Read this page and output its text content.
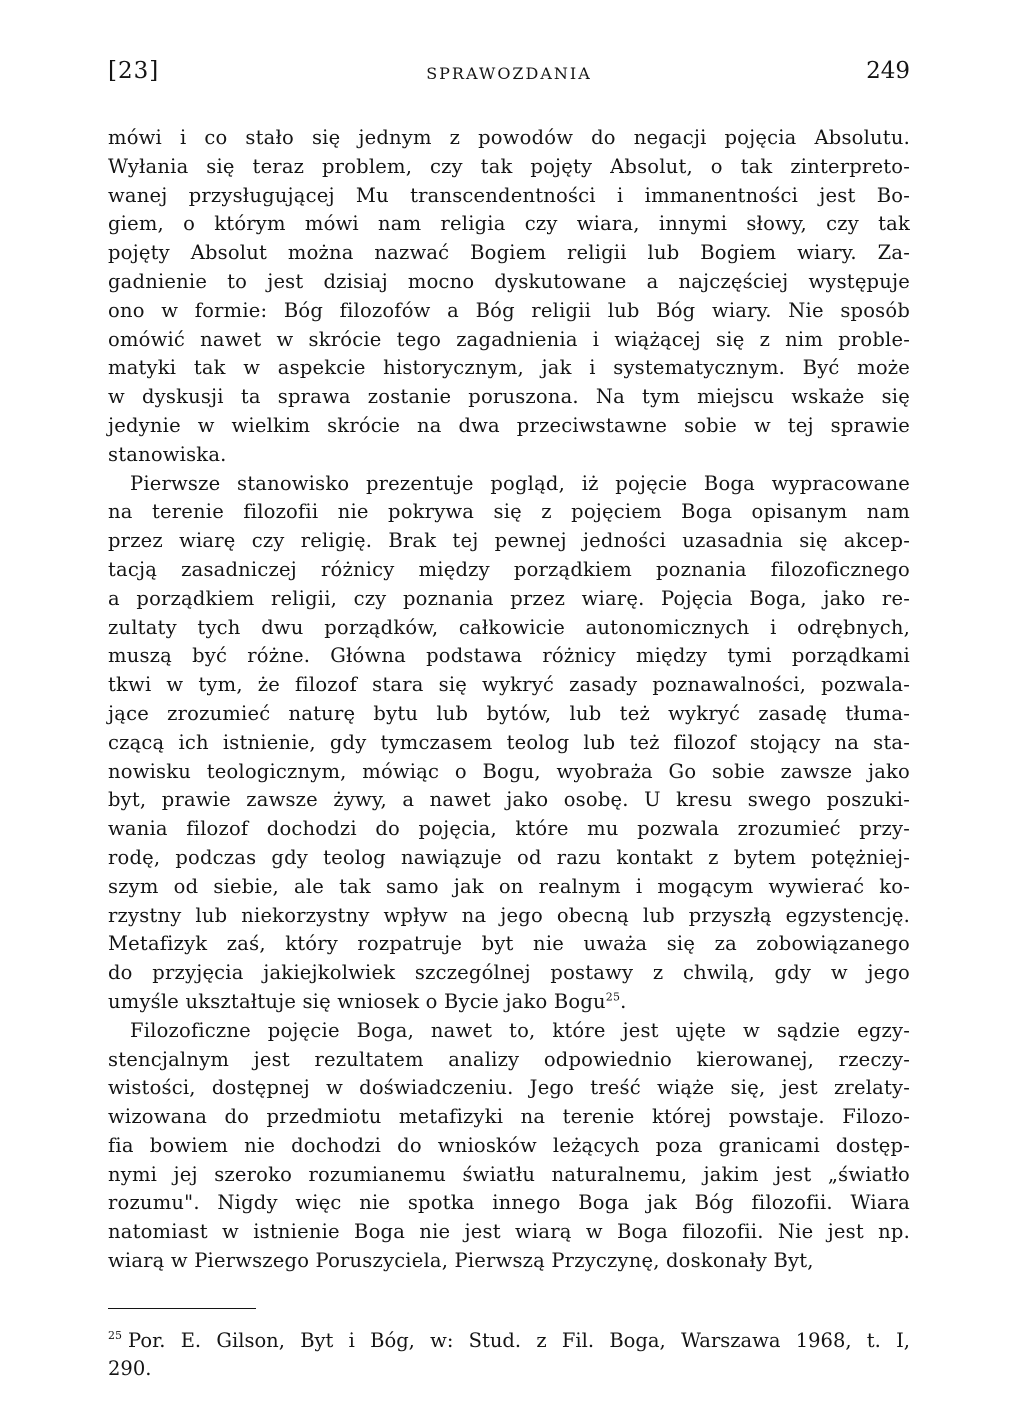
[23]	SPRAWOZDANIA	249
mówi i co stało się jednym z powodów do negacji pojęcia Absolutu.
Wyłania się teraz problem, czy tak pojęty Absolut, o tak zinterpreto-
wanej przysługującej Mu transcendentności i immanentności jest Bo-
giem, o którym mówi nam religia czy wiara, innymi słowy, czy tak
pojęty Absolut można nazwać Bogiem religii lub Bogiem wiary. Za-
gadnienie to jest dzisiaj mocno dyskutowane a najczęściej występuje
ono w formie: Bóg filozofów a Bóg religii lub Bóg wiary. Nie sposób
omówić nawet w skrócie tego zagadnienia i wiążącej się z nim proble-
matyki tak w aspekcie historycznym, jak i systematycznym. Być może
w dyskusji ta sprawa zostanie poruszona. Na tym miejscu wskaże się
jedynie w wielkim skrócie na dwa przeciwstawne sobie w tej sprawie
stanowiska.
Pierwsze stanowisko prezentuje pogląd, iż pojęcie Boga wypracowane
na terenie filozofii nie pokrywa się z pojęciem Boga opisanym nam
przez wiarę czy religię. Brak tej pewnej jedności uzasadnia się akcep-
tacją zasadniczej różnicy między porządkiem poznania filozoficznego
a porządkiem religii, czy poznania przez wiarę. Pojęcia Boga, jako re-
zultaty tych dwu porządków, całkowicie autonomicznych i odrębnych,
muszą być różne. Główna podstawa różnicy między tymi porządkami
tkwi w tym, że filozof stara się wykryć zasady poznawalności, pozwala-
jące zrozumieć naturę bytu lub bytów, lub też wykryć zasadę tłuma-
czącą ich istnienie, gdy tymczasem teolog lub też filozof stojący na sta-
nowisku teologicznym, mówiąc o Bogu, wyobraża Go sobie zawsze jako
byt, prawie zawsze żywy, a nawet jako osobę. U kresu swego poszuki-
wania filozof dochodzi do pojęcia, które mu pozwala zrozumieć przy-
rodę, podczas gdy teolog nawiązuje od razu kontakt z bytem potężniej-
szym od siebie, ale tak samo jak on realnym i mogącym wywierać ko-
rzystny lub niekorzystny wpływ na jego obecną lub przyszłą egzystencję.
Metafizyk zaś, który rozpatruje byt nie uważa się za zobowiązanego
do przyjęcia jakiejkolwiek szczególnej postawy z chwilą, gdy w jego
umyśle ukształtuje się wniosek o Bycie jako Bogu$^{25}$.
Filozoficzne pojęcie Boga, nawet to, które jest ujęte w sądzie egzy-
stencjalnym jest rezultatem analizy odpowiednio kierowanej, rzeczy-
wistości, dostępnej w doświadczeniu. Jego treść wiąże się, jest zrelaty-
wizowana do przedmiotu metafizyki na terenie której powstaje. Filozo-
fia bowiem nie dochodzi do wniosków leżących poza granicami dostęp-
nymi jej szeroko rozumianemu światłu naturalnemu, jakim jest „światło
rozumu". Nigdy więc nie spotka innego Boga jak Bóg filozofii. Wiara
natomiast w istnienie Boga nie jest wiarą w Boga filozofii. Nie jest np.
wiarą w Pierwszego Poruszyciela, Pierwszą Przyczynę, doskonały Byt,
$^{25}$ Por. E. Gilson, Byt i Bóg, w: Stud. z Fil. Boga, Warszawa 1968, t. I,
290.
